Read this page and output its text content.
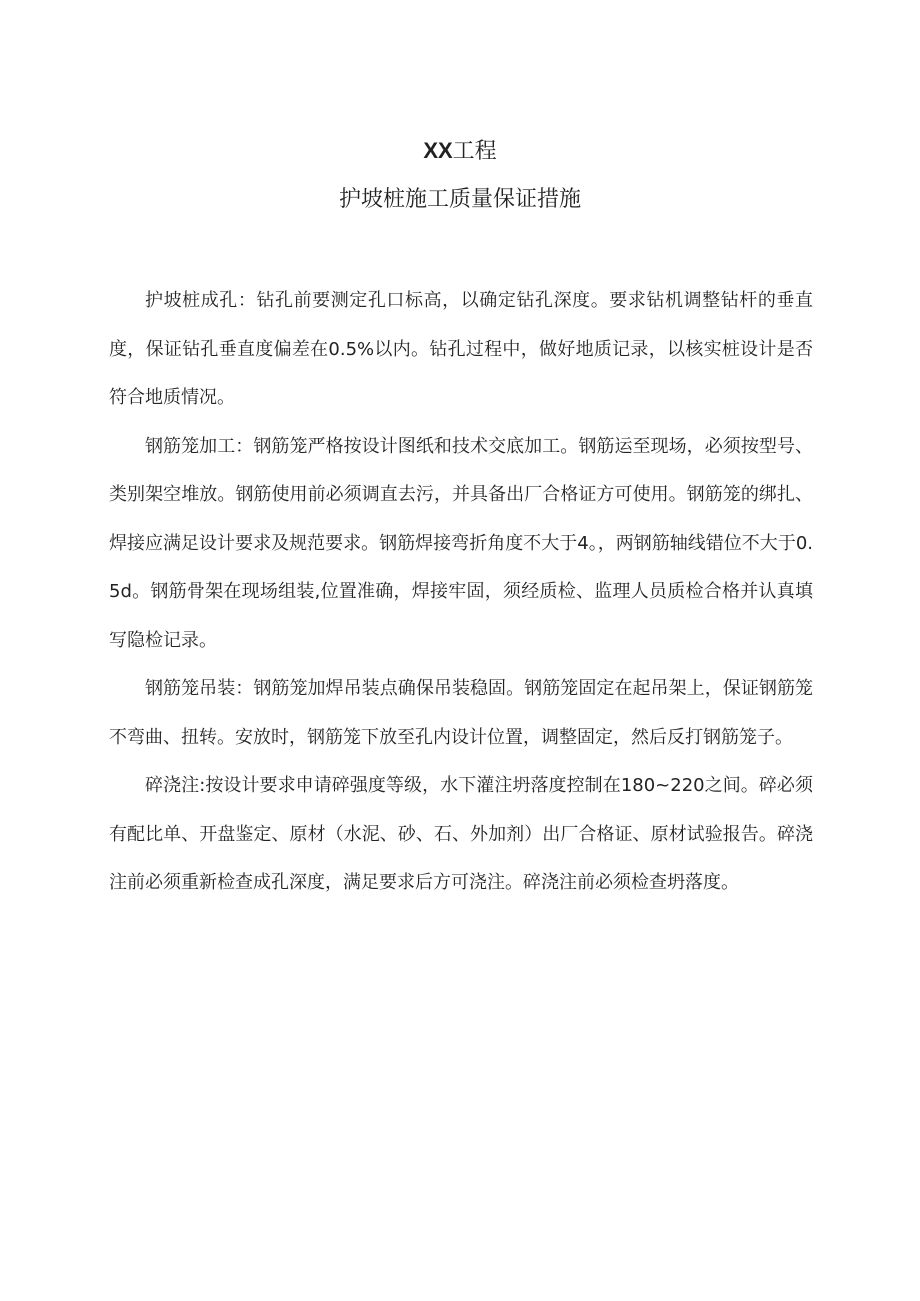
XX工程
护坡桩施工质量保证措施

护坡桩成孔：钻孔前要测定孔口标高，以确定钻孔深度。要求钻机调整钻杆的垂直度，保证钻孔垂直度偏差在0.5%以内。钻孔过程中，做好地质记录，以核实桩设计是否符合地质情况。

钢筋笼加工：钢筋笼严格按设计图纸和技术交底加工。钢筋运至现场，必须按型号、类别架空堆放。钢筋使用前必须调直去污，并具备出厂合格证方可使用。钢筋笼的绑扎、焊接应满足设计要求及规范要求。钢筋焊接弯折角度不大于4。，两钢筋轴线错位不大于0.5d。钢筋骨架在现场组装,位置准确，焊接牢固，须经质检、监理人员质检合格并认真填写隐检记录。

钢筋笼吊装：钢筋笼加焊吊装点确保吊装稳固。钢筋笼固定在起吊架上，保证钢筋笼不弯曲、扭转。安放时，钢筋笼下放至孔内设计位置，调整固定，然后反打钢筋笼子。

碎浇注:按设计要求申请碎强度等级，水下灌注坍落度控制在180~220之间。碎必须有配比单、开盘鉴定、原材（水泥、砂、石、外加剂）出厂合格证、原材试验报告。碎浇注前必须重新检查成孔深度，满足要求后方可浇注。碎浇注前必须检查坍落度。
